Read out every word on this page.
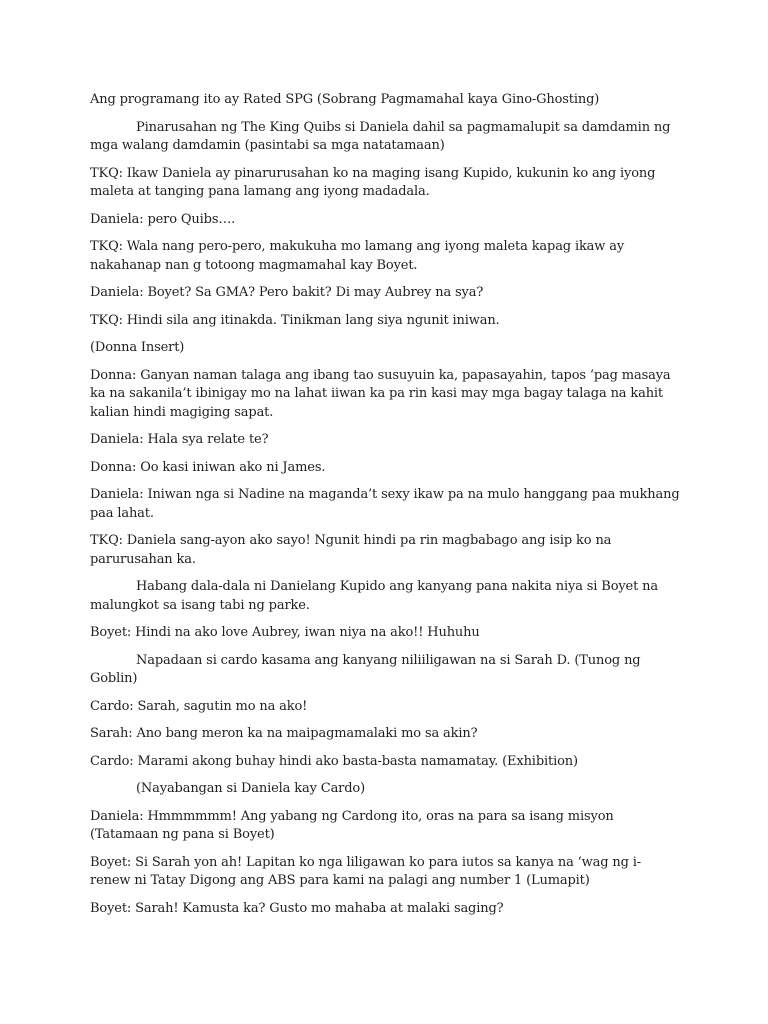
Ang programang ito ay Rated SPG (Sobrang Pagmamahal kaya Gino-Ghosting)

Pinarusahan ng The King Quibs si Daniela dahil sa pagmamalupit sa damdamin ng mga walang damdamin (pasintabi sa mga natatamaan)

TKQ: Ikaw Daniela ay pinarurusahan ko na maging isang Kupido, kukunin ko ang iyong maleta at tanging pana lamang ang iyong madadala.

Daniela: pero Quibs….

TKQ: Wala nang pero-pero, makukuha mo lamang ang iyong maleta kapag ikaw ay nakahanap nan g totoong magmamahal kay Boyet.

Daniela: Boyet? Sa GMA? Pero bakit? Di may Aubrey na sya?

TKQ: Hindi sila ang itinakda. Tinikman lang siya ngunit iniwan.

(Donna Insert)

Donna: Ganyan naman talaga ang ibang tao susuyuin ka, papasayahin, tapos ‘pag masaya ka na sakanila’t ibinigay mo na lahat iiwan ka pa rin kasi may mga bagay talaga na kahit kalian hindi magiging sapat.

Daniela: Hala sya relate te?

Donna: Oo kasi iniwan ako ni James.

Daniela: Iniwan nga si Nadine na maganda’t sexy ikaw pa na mulo hanggang paa mukhang paa lahat.

TKQ: Daniela sang-ayon ako sayo! Ngunit hindi pa rin magbabago ang isip ko na parurusahan ka.

Habang dala-dala ni Danielang Kupido ang kanyang pana nakita niya si Boyet na malungkot sa isang tabi ng parke.

Boyet: Hindi na ako love Aubrey, iwan niya na ako!! Huhuhu

Napadaan si cardo kasama ang kanyang niliiligawan na si Sarah D. (Tunog ng Goblin)

Cardo: Sarah, sagutin mo na ako!

Sarah: Ano bang meron ka na maipagmamalaki mo sa akin?

Cardo: Marami akong buhay hindi ako basta-basta namamatay. (Exhibition)

(Nayabangan si Daniela kay Cardo)

Daniela: Hmmmmmm! Ang yabang ng Cardong ito, oras na para sa isang misyon (Tatamaan ng pana si Boyet)

Boyet: Si Sarah yon ah! Lapitan ko nga liligawan ko para iutos sa kanya na ‘wag ng i-renew ni Tatay Digong ang ABS para kami na palagi ang number 1 (Lumapit)

Boyet: Sarah! Kamusta ka? Gusto mo mahaba at malaki saging?
